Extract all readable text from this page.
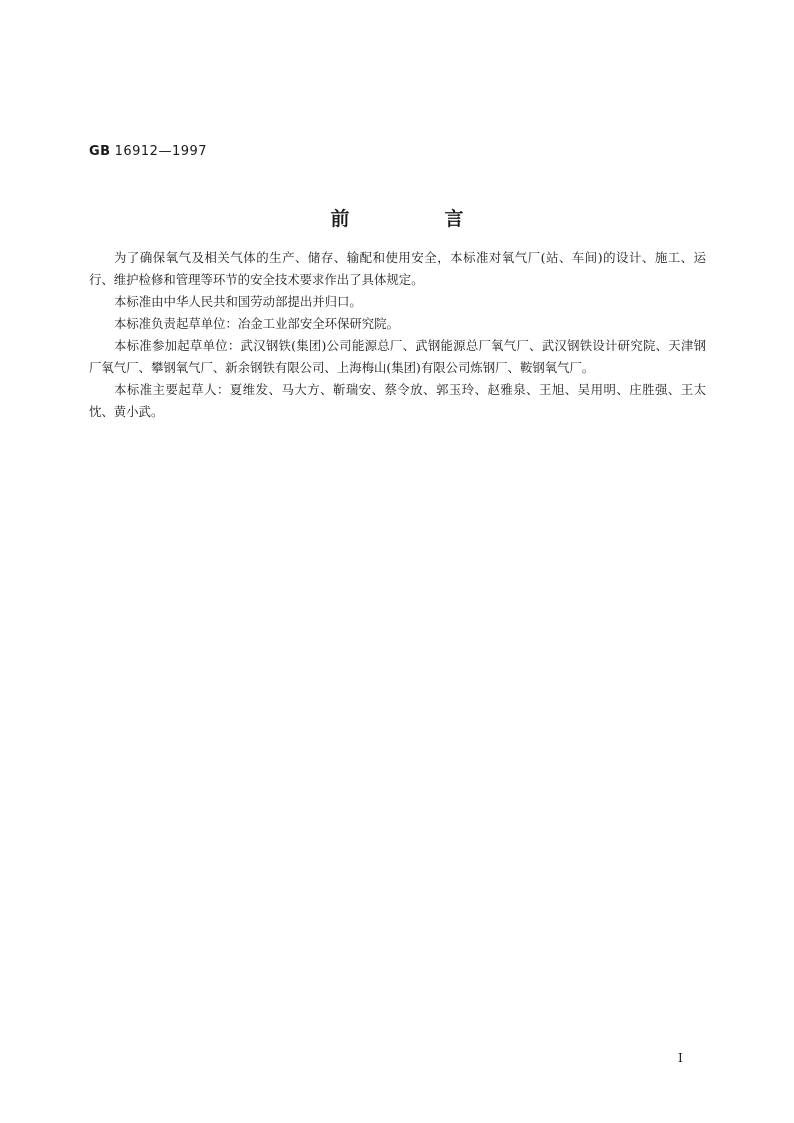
GB 16912—1997
前　言

为了确保氧气及相关气体的生产、储存、输配和使用安全，本标准对氧气厂(站、车间)的设计、施工、运行、维护检修和管理等环节的安全技术要求作出了具体规定。

本标准由中华人民共和国劳动部提出并归口。

本标准负责起草单位：冶金工业部安全环保研究院。

本标准参加起草单位：武汉钢铁(集团)公司能源总厂、武钢能源总厂氧气厂、武汉钢铁设计研究院、天津钢厂氧气厂、攀钢氧气厂、新余钢铁有限公司、上海梅山(集团)有限公司炼钢厂、鞍钢氧气厂。

本标准主要起草人：夏维发、马大方、靳瑞安、蔡令放、郭玉玲、赵雅泉、王旭、吴用明、庄胜强、王太忱、黄小武。

I
